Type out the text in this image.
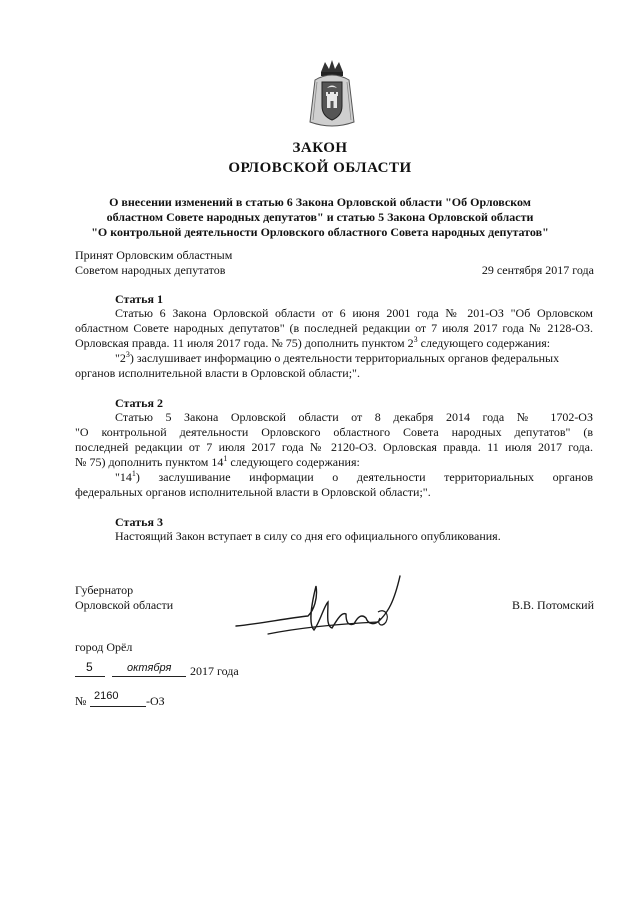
ЗАКОН
ОРЛОВСКОЙ ОБЛАСТИ
О внесении изменений в статью 6 Закона Орловской области "Об Орловском
областном Совете народных депутатов" и статью 5 Закона Орловской области
"О контрольной деятельности Орловского областного Совета народных депутатов"
Принят Орловским областным
Советом народных депутатов	29 сентября 2017 года
Статья 1
Статью 6 Закона Орловской области от 6 июня 2001 года № 201-ОЗ "Об Орловском
областном Совете народных депутатов" (в последней редакции от 7 июля 2017 года № 2128-ОЗ.
Орловская правда. 11 июля 2017 года. № 75) дополнить пунктом $2^3$ следующего содержания:
"$2^3$) заслушивает информацию о деятельности территориальных органов федеральных
органов исполнительной власти в Орловской области;".
Статья 2
Статью 5 Закона Орловской области от 8 декабря 2014 года № 1702-ОЗ
"О контрольной деятельности Орловского областного Совета народных депутатов" (в
последней редакции от 7 июля 2017 года № 2120-ОЗ. Орловская правда. 11 июля 2017 года.
№ 75) дополнить пунктом $14^1$ следующего содержания:
"$14^1$) заслушивание информации о деятельности территориальных органов
федеральных органов исполнительной власти в Орловской области;".
Статья 3
Настоящий Закон вступает в силу со дня его официального опубликования.
Губернатор
Орловской области	В.В. Потомский
город Орёл
5	октября 2017 года
№ 2160 -ОЗ
